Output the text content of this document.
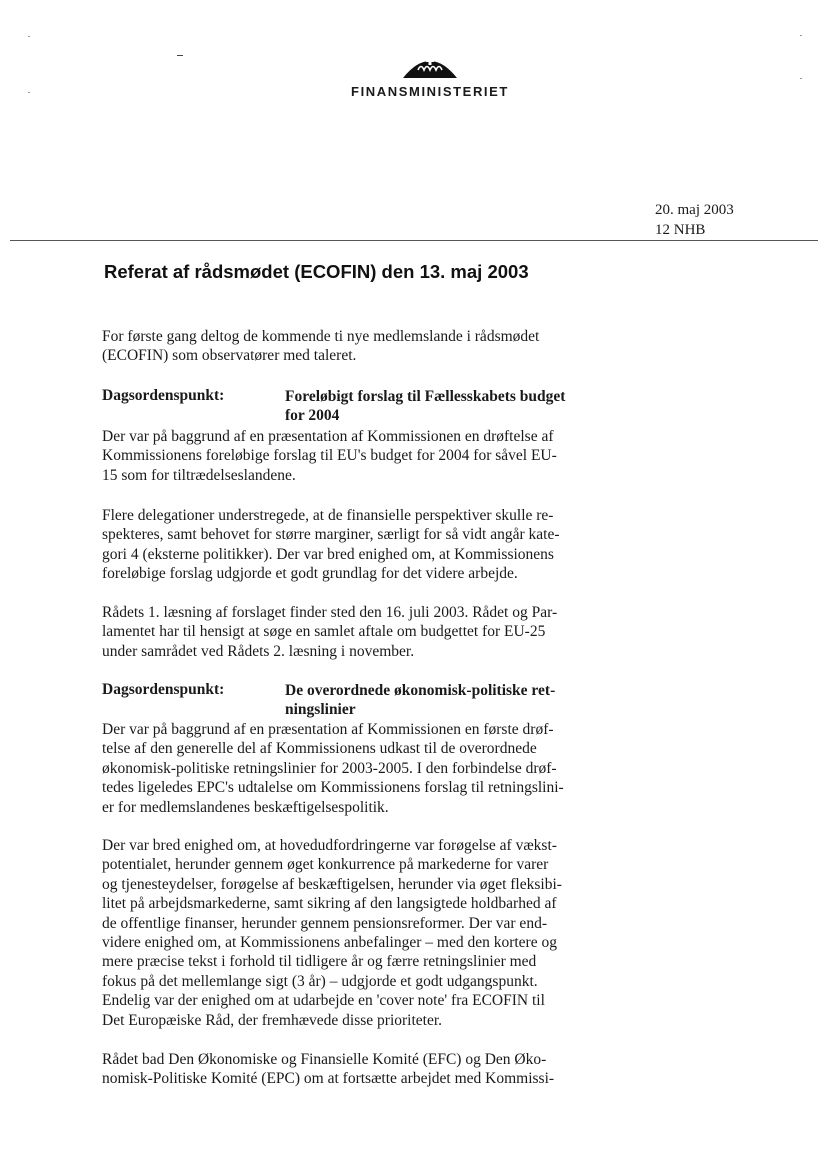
FINANSMINISTERIET
20. maj 2003
12 NHB
Referat af rådsmødet (ECOFIN) den 13. maj 2003
For første gang deltog de kommende ti nye medlemslande i rådsmødet
(ECOFIN) som observatører med taleret.
Dagsordenspunkt:	Foreløbigt forslag til Fællesskabets budget
for 2004
Der var på baggrund af en præsentation af Kommissionen en drøftelse af
Kommissionens foreløbige forslag til EU's budget for 2004 for såvel EU-
15 som for tiltrædelseslandene.
Flere delegationer understregede, at de finansielle perspektiver skulle re-
spekteres, samt behovet for større marginer, særligt for så vidt angår kate-
gori 4 (eksterne politikker). Der var bred enighed om, at Kommissionens
foreløbige forslag udgjorde et godt grundlag for det videre arbejde.
Rådets 1. læsning af forslaget finder sted den 16. juli 2003. Rådet og Par-
lamentet har til hensigt at søge en samlet aftale om budgettet for EU-25
under samrådet ved Rådets 2. læsning i november.
Dagsordenspunkt:	De overordnede økonomisk-politiske ret-
ningslinier
Der var på baggrund af en præsentation af Kommissionen en første drøf-
telse af den generelle del af Kommissionens udkast til de overordnede
økonomisk-politiske retningslinier for 2003-2005. I den forbindelse drøf-
tedes ligeledes EPC's udtalelse om Kommissionens forslag til retningslini-
er for medlemslandenes beskæftigelsespolitik.
Der var bred enighed om, at hovedudfordringerne var forøgelse af vækst-
potentialet, herunder gennem øget konkurrence på markederne for varer
og tjenesteydelser, forøgelse af beskæftigelsen, herunder via øget fleksibi-
litet på arbejdsmarkederne, samt sikring af den langsigtede holdbarhed af
de offentlige finanser, herunder gennem pensionsreformer. Der var end-
videre enighed om, at Kommissionens anbefalinger – med den kortere og
mere præcise tekst i forhold til tidligere år og færre retningslinier med
fokus på det mellemlange sigt (3 år) – udgjorde et godt udgangspunkt.
Endelig var der enighed om at udarbejde en 'cover note' fra ECOFIN til
Det Europæiske Råd, der fremhævede disse prioriteter.
Rådet bad Den Økonomiske og Finansielle Komité (EFC) og Den Øko-
nomisk-Politiske Komité (EPC) om at fortsætte arbejdet med Kommissi-
